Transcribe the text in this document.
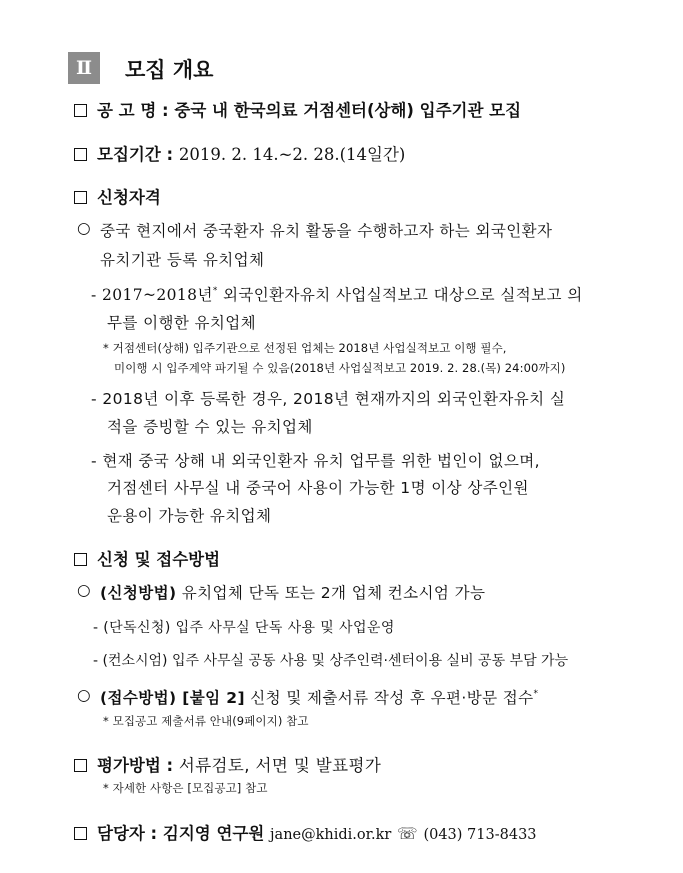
Ⅱ	모집 개요
공 고 명 : 중국 내 한국의료 거점센터(상해) 입주기관 모집
모집기간 : 2019. 2. 14.~2. 28.(14일간)
신청자격
○ 중국 현지에서 중국환자 유치 활동을 수행하고자 하는 외국인환자
유치기관 등록 유치업체
- 2017~2018년* 외국인환자유치 사업실적보고 대상으로 실적보고 의
무를 이행한 유치업체
* 거점센터(상해) 입주기관으로 선정된 업체는 2018년 사업실적보고 이행 필수,
미이행 시 입주계약 파기될 수 있음(2018년 사업실적보고 2019. 2. 28.(목) 24:00까지)
- 2018년 이후 등록한 경우, 2018년 현재까지의 외국인환자유치 실
적을 증빙할 수 있는 유치업체
- 현재 중국 상해 내 외국인환자 유치 업무를 위한 법인이 없으며,
거점센터 사무실 내 중국어 사용이 가능한 1명 이상 상주인원
운용이 가능한 유치업체
신청 및 접수방법
○ (신청방법) 유치업체 단독 또는 2개 업체 컨소시엄 가능
- (단독신청) 입주 사무실 단독 사용 및 사업운영
- (컨소시엄) 입주 사무실 공동 사용 및 상주인력·센터이용 실비 공동 부담 가능
○ (접수방법) [붙임 2] 신청 및 제출서류 작성 후 우편·방문 접수*
* 모집공고 제출서류 안내(9페이지) 참고
평가방법 : 서류검토, 서면 및 발표평가
* 자세한 사항은 [모집공고] 참고
담당자 : 김지영 연구원 jane@khidi.or.kr ☏ (043) 713-8433
